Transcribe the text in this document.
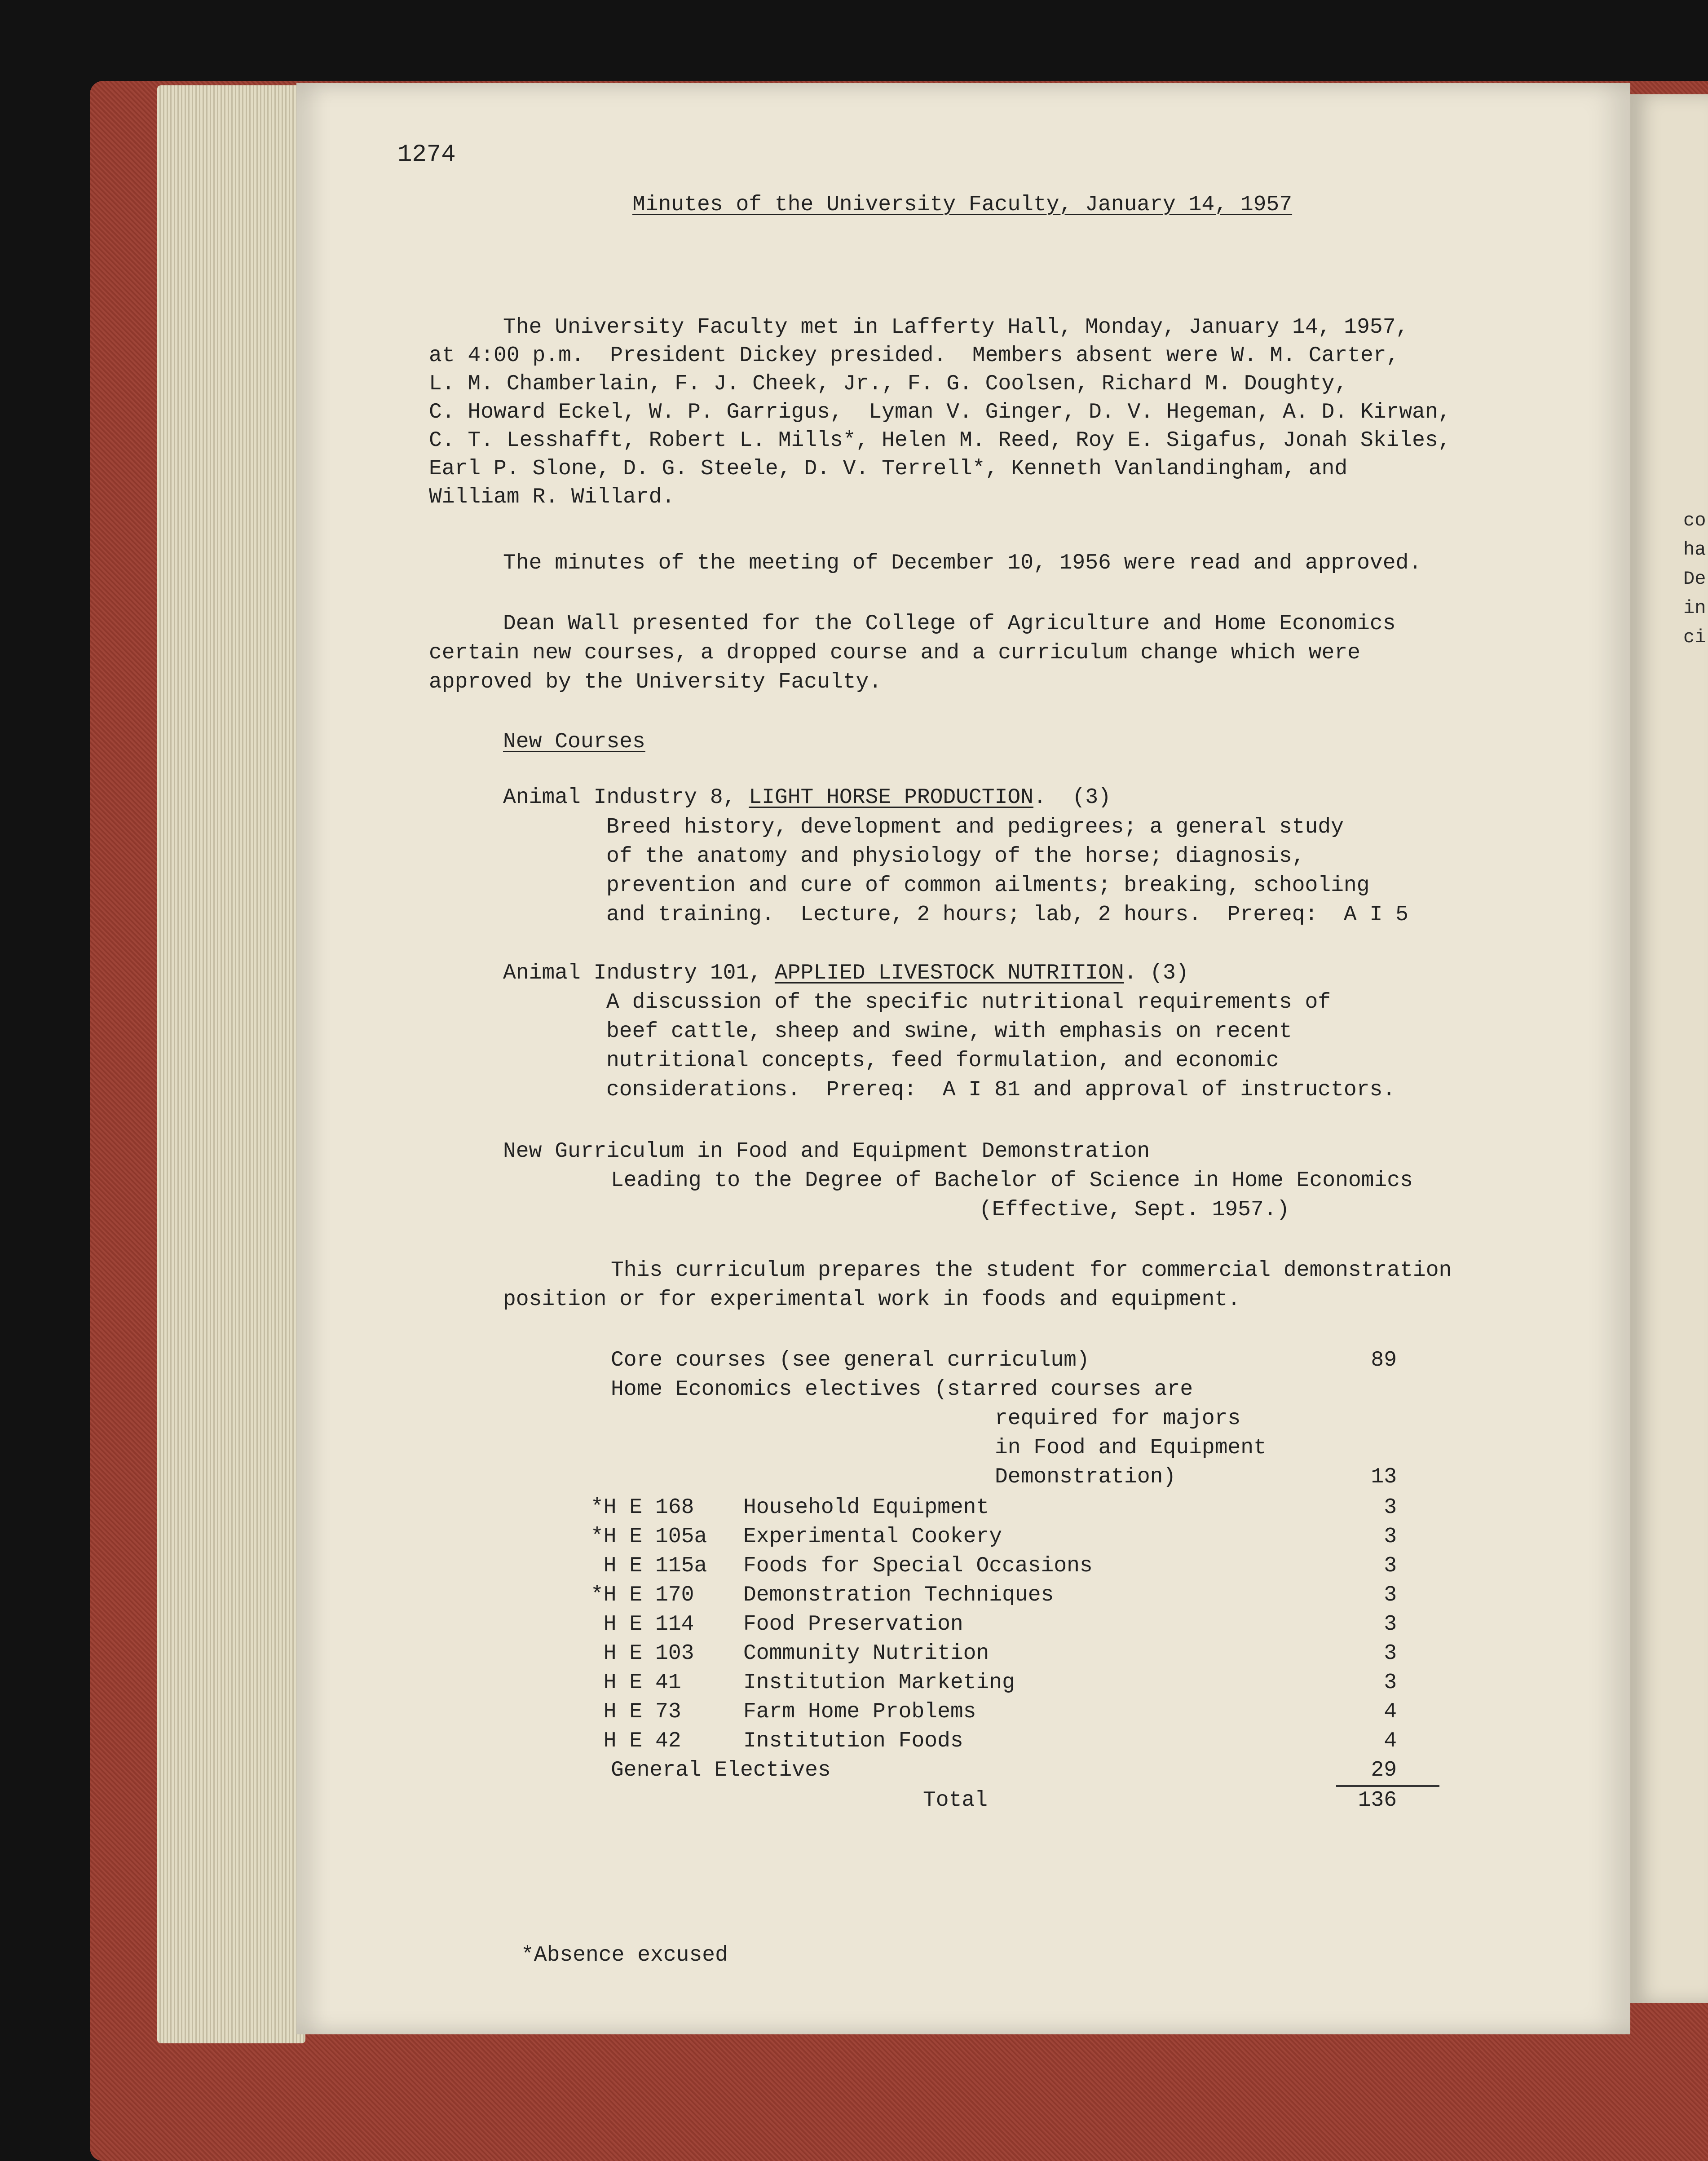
co
ha
De
in
ci
1274
Minutes of the University Faculty, January 14, 1957
The University Faculty met in Lafferty Hall, Monday, January 14, 1957,
at 4:00 p.m.  President Dickey presided.  Members absent were W. M. Carter,
L. M. Chamberlain, F. J. Cheek, Jr., F. G. Coolsen, Richard M. Doughty,
C. Howard Eckel, W. P. Garrigus,  Lyman V. Ginger, D. V. Hegeman, A. D. Kirwan,
C. T. Lesshafft, Robert L. Mills*, Helen M. Reed, Roy E. Sigafus, Jonah Skiles,
Earl P. Slone, D. G. Steele, D. V. Terrell*, Kenneth Vanlandingham, and
William R. Willard.
The minutes of the meeting of December 10, 1956 were read and approved.
Dean Wall presented for the College of Agriculture and Home Economics
certain new courses, a dropped course and a curriculum change which were
approved by the University Faculty.
New Courses
Animal Industry 8, LIGHT HORSE PRODUCTION.  (3)
Breed history, development and pedigrees; a general study
of the anatomy and physiology of the horse; diagnosis,
prevention and cure of common ailments; breaking, schooling
and training.  Lecture, 2 hours; lab, 2 hours.  Prereq:  A I 5
Animal Industry 101, APPLIED LIVESTOCK NUTRITION. (3)
A discussion of the specific nutritional requirements of
beef cattle, sheep and swine, with emphasis on recent
nutritional concepts, feed formulation, and economic
considerations.  Prereq:  A I 81 and approval of instructors.
New Gurriculum in Food and Equipment Demonstration
Leading to the Degree of Bachelor of Science in Home Economics
(Effective, Sept. 1957.)
This curriculum prepares the student for commercial demonstration
position or for experimental work in foods and equipment.
Core courses (see general curriculum)	89
Home Economics electives (starred courses are
required for majors
in Food and Equipment
Demonstration)	13
*H E 168 Household Equipment	3
*H E 105a Experimental Cookery	3
H E 115a Foods for Special Occasions	3
*H E 170 Demonstration Techniques	3
H E 114 Food Preservation	3
H E 103 Community Nutrition	3
H E 41	Institution Marketing	3
H E 73	Farm Home Problems	4
H E 42	Institution Foods	4
General Electives	29
Total	136
*Absence excused
